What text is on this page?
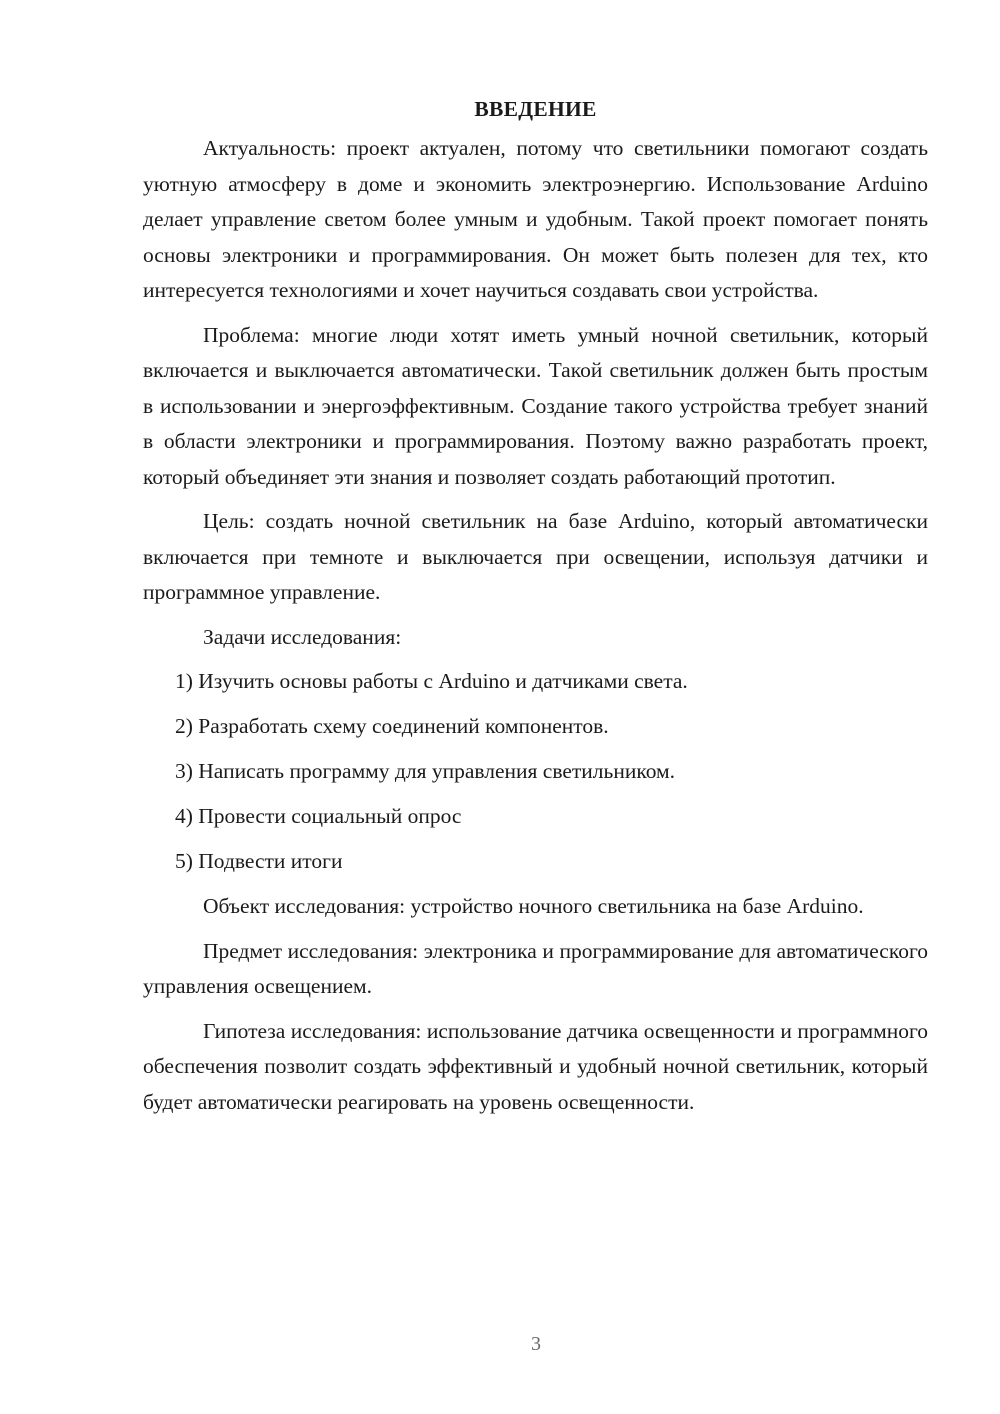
ВВЕДЕНИЕ

Актуальность: проект актуален, потому что светильники помогают создать уютную атмосферу в доме и экономить электроэнергию. Использование Arduino делает управление светом более умным и удобным. Такой проект помогает понять основы электроники и программирования. Он может быть полезен для тех, кто интересуется технологиями и хочет научиться создавать свои устройства.

Проблема: многие люди хотят иметь умный ночной светильник, который включается и выключается автоматически. Такой светильник должен быть простым в использовании и энергоэффективным. Создание такого устройства требует знаний в области электроники и программирования. Поэтому важно разработать проект, который объединяет эти знания и позволяет создать работающий прототип.

Цель: создать ночной светильник на базе Arduino, который автоматически включается при темноте и выключается при освещении, используя датчики и программное управление.

Задачи исследования:
1) Изучить основы работы с Arduino и датчиками света.
2) Разработать схему соединений компонентов.
3) Написать программу для управления светильником.
4) Провести социальный опрос
5) Подвести итоги

Объект исследования: устройство ночного светильника на базе Arduino.

Предмет исследования: электроника и программирование для автоматического управления освещением.

Гипотеза исследования: использование датчика освещенности и программного обеспечения позволит создать эффективный и удобный ночной светильник, который будет автоматически реагировать на уровень освещенности.

3
